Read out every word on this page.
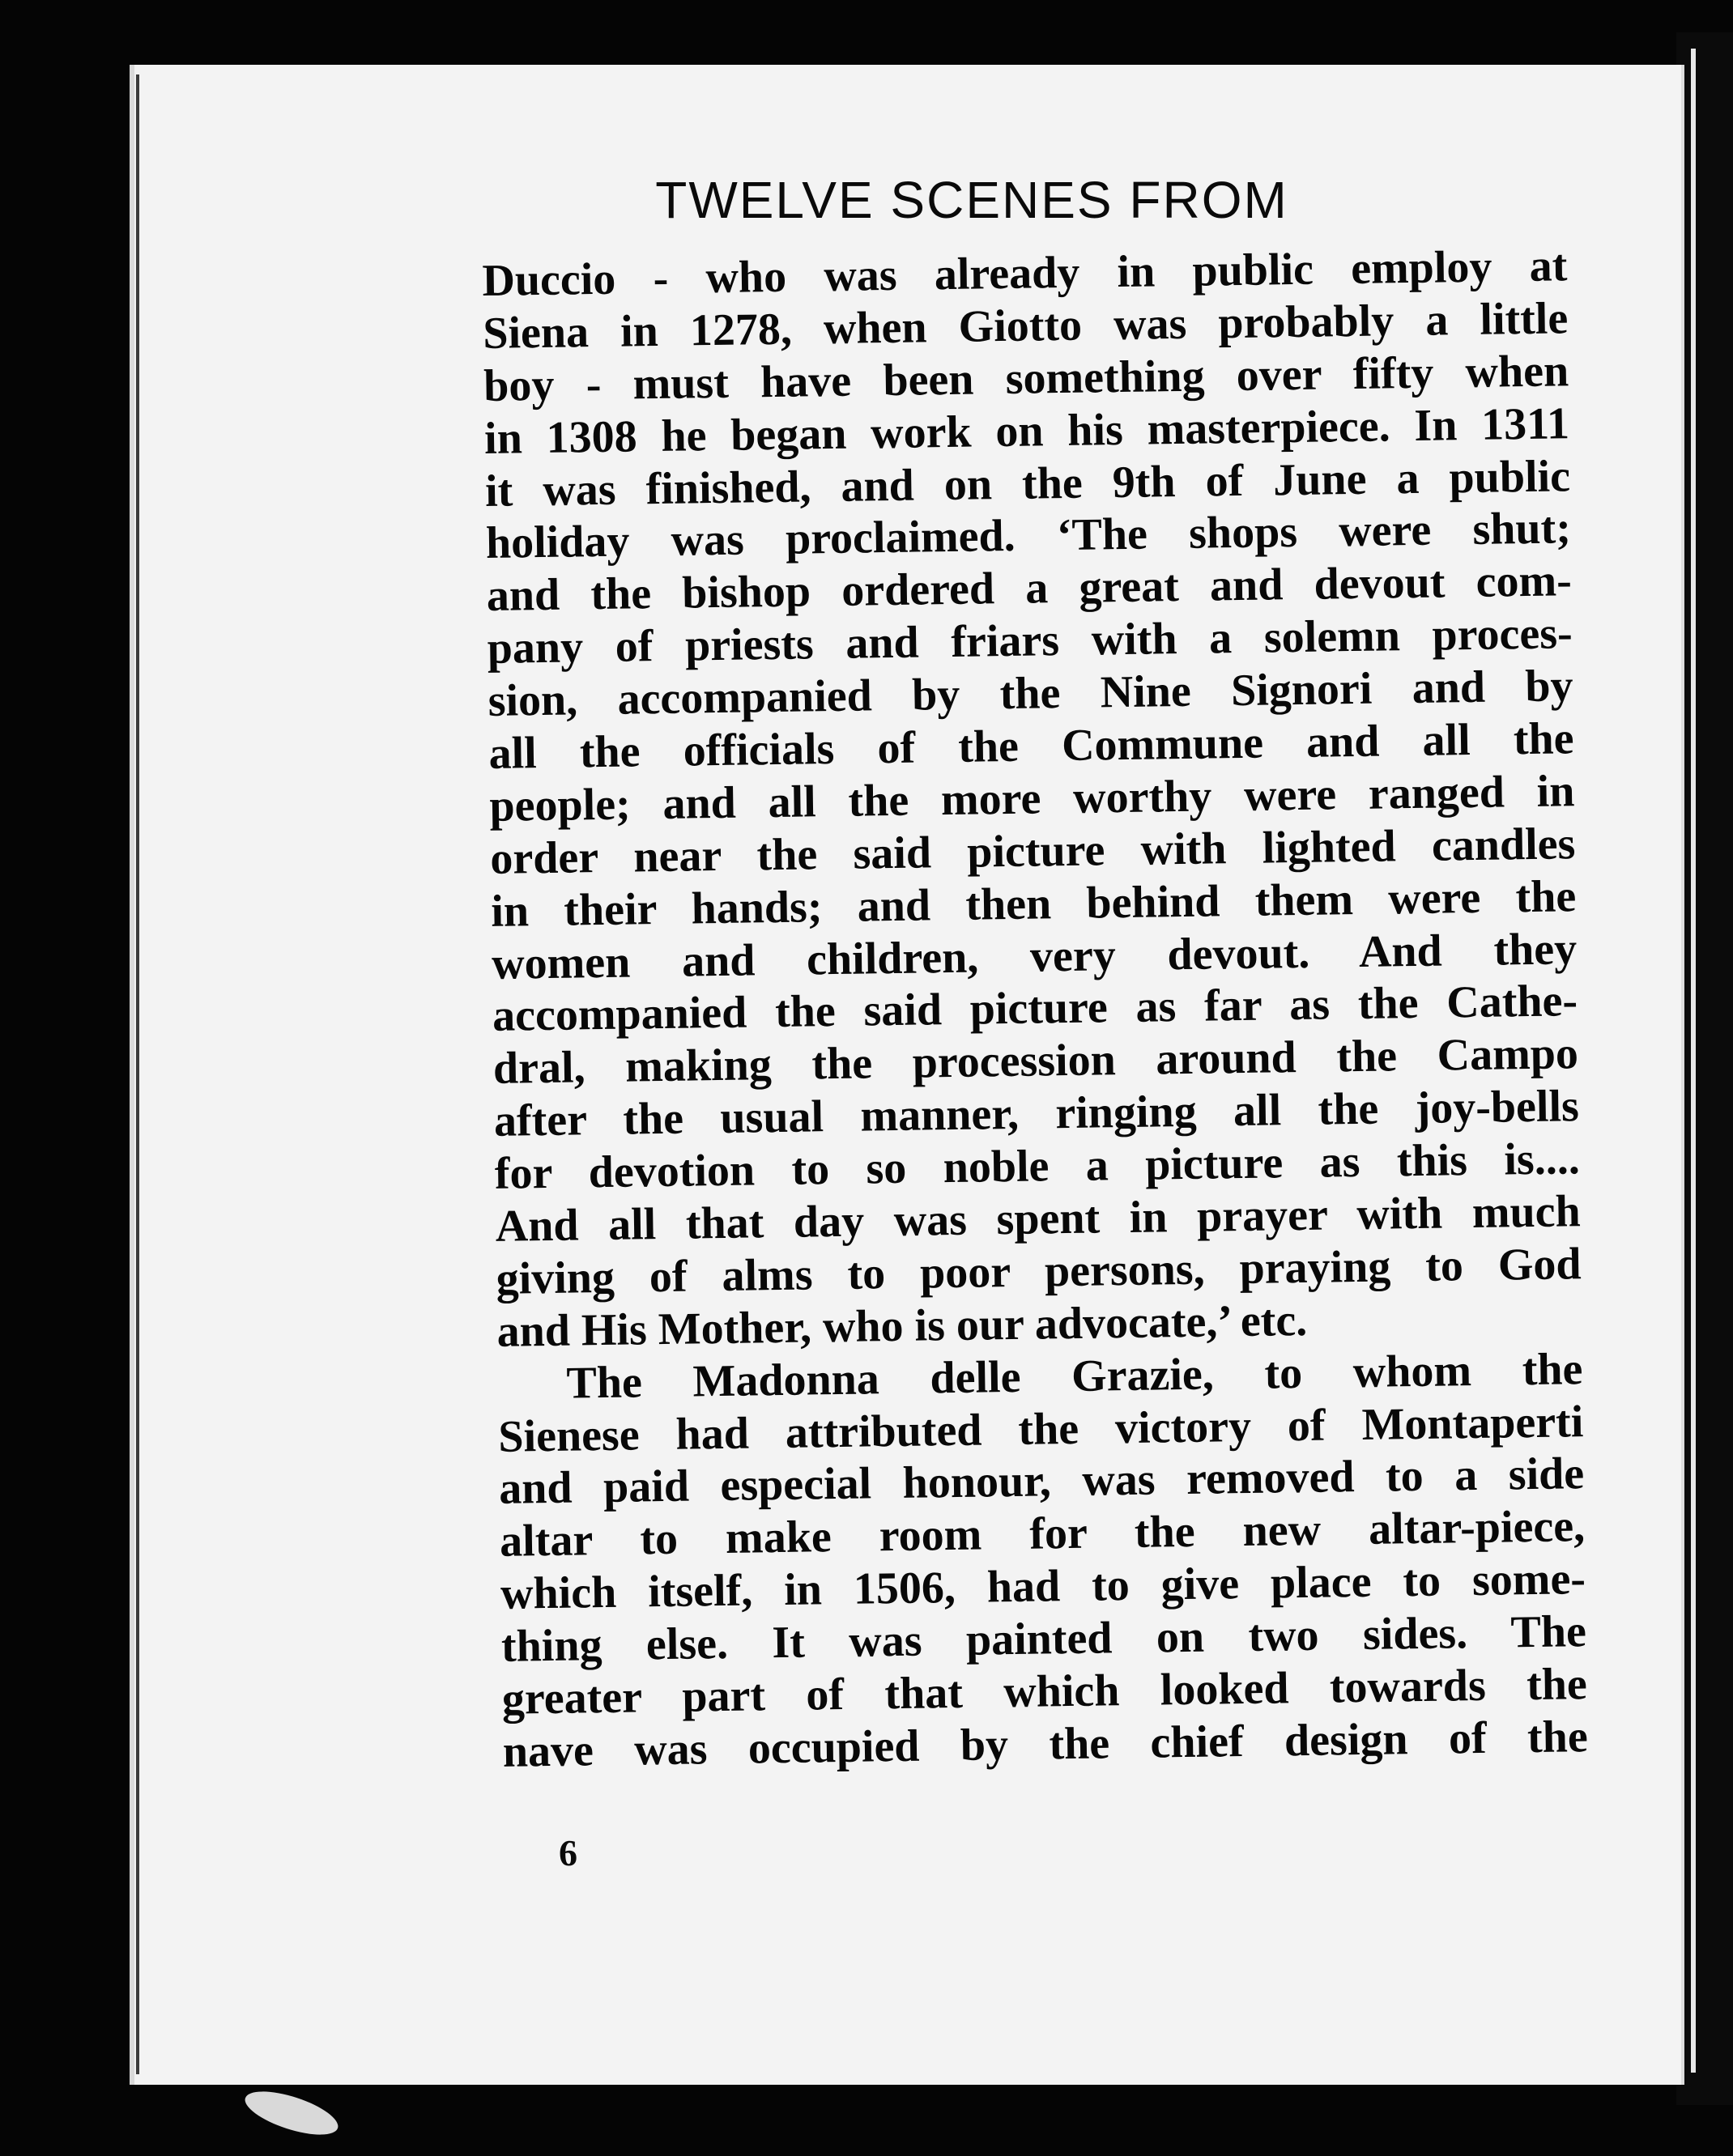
TWELVE SCENES FROM
Duccio - who was already in public employ at
Siena in 1278, when Giotto was probably a little
boy - must have been something over fifty when
in 1308 he began work on his masterpiece. In 1311
it was finished, and on the 9th of June a public
holiday was proclaimed. ‘The shops were shut;
and the bishop ordered a great and devout com-
pany of priests and friars with a solemn proces-
sion, accompanied by the Nine Signori and by
all the officials of the Commune and all the
people; and all the more worthy were ranged in
order near the said picture with lighted candles
in their hands; and then behind them were the
women and children, very devout. And they
accompanied the said picture as far as the Cathe-
dral, making the procession around the Campo
after the usual manner, ringing all the joy-bells
for devotion to so noble a picture as this is....
And all that day was spent in prayer with much
giving of alms to poor persons, praying to God
and His Mother, who is our advocate,’ etc.
The Madonna delle Grazie, to whom the
Sienese had attributed the victory of Montaperti
and paid especial honour, was removed to a side
altar to make room for the new altar-piece,
which itself, in 1506, had to give place to some-
thing else. It was painted on two sides. The
greater part of that which looked towards the
nave was occupied by the chief design of the
6
